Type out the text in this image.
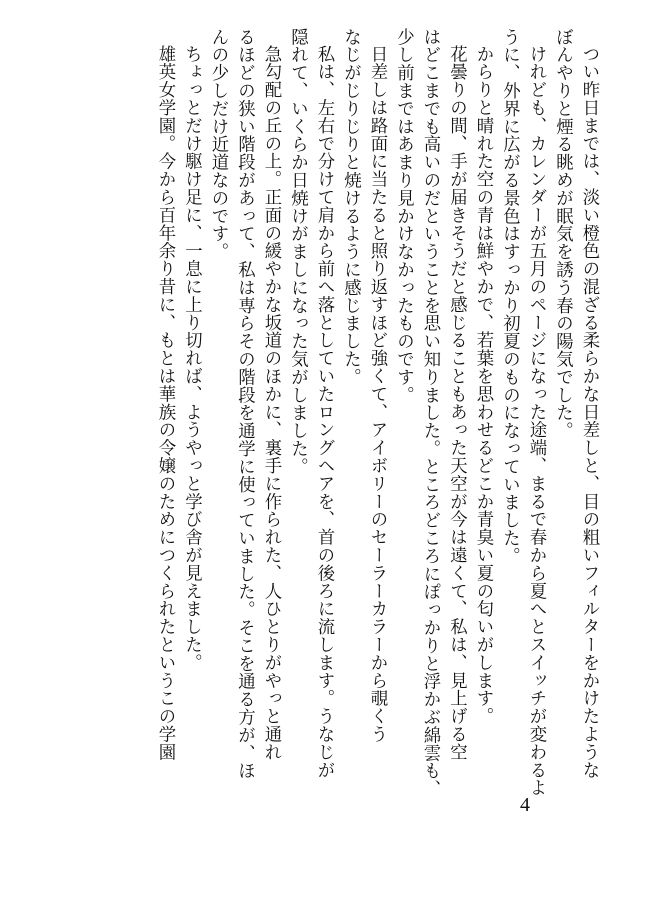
つい昨日までは、淡い橙色の混ざる柔らかな日差しと、目の粗いフィルターをかけたような

ぼんやりと煙る眺めが眠気を誘う春の陽気でした。

けれども、カレンダーが五月のページになった途端、まるで春から夏へとスイッチが変わるよ

うに、外界に広がる景色はすっかり初夏のものになっていました。

からりと晴れた空の青は鮮やかで、若葉を思わせるどこか青臭い夏の匂いがします。

花曇りの間、手が届きそうだと感じることもあった天空が今は遠くて、私は、見上げる空

はどこまでも高いのだということを思い知りました。ところどころにぽっかりと浮かぶ綿雲も、

少し前まではあまり見かけなかったものです。

日差しは路面に当たると照り返すほど強くて、アイボリーのセーラーカラーから覗くう

なじがじりじりと焼けるように感じました。

私は、左右で分けて肩から前へ落としていたロングヘアを、首の後ろに流します。うなじが

隠れて、いくらか日焼けがましになった気がしました。

急勾配の丘の上。正面の緩やかな坂道のほかに、裏手に作られた、人ひとりがやっと通れ

るほどの狭い階段があって、私は専らその階段を通学に使っていました。そこを通る方が、ほ

んの少しだけ近道なのです。

ちょっとだけ駆け足に、一息に上り切れば、ようやっと学び舎が見えました。

雄英女学園。今から百年余り昔に、もとは華族の令嬢のためにつくられたというこの学園

4
